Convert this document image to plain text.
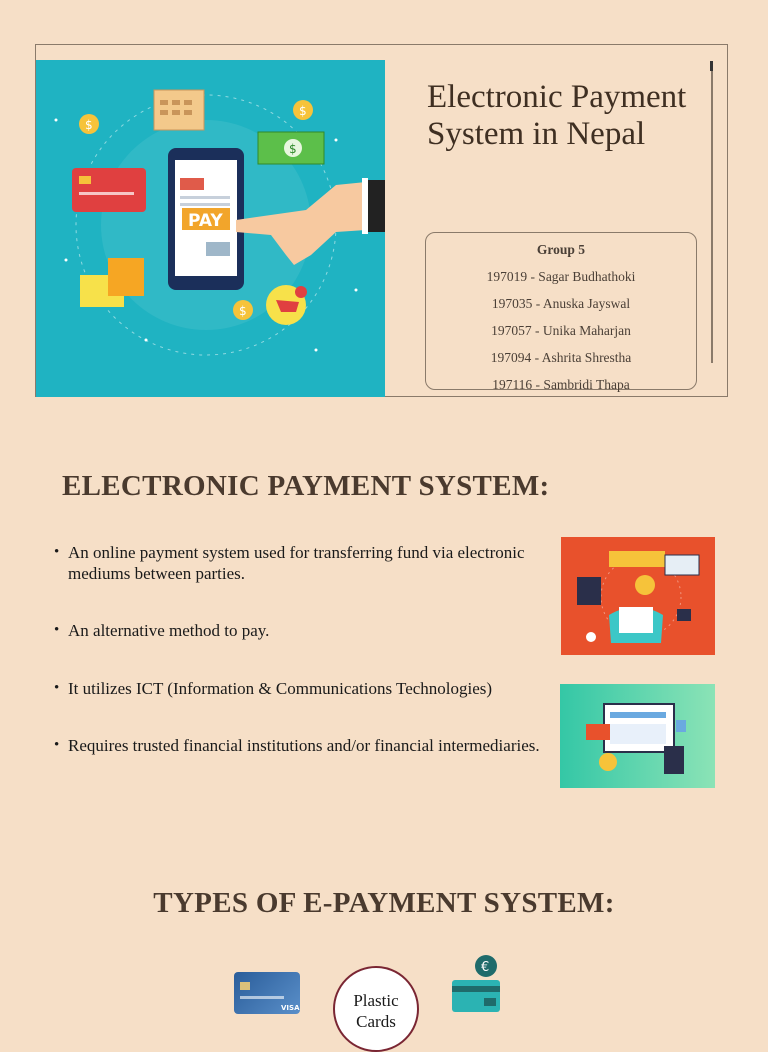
$
$
$
$
PAY
Electronic Payment System in Nepal
Group 5
197019 - Sagar Budhathoki
197035 - Anuska Jayswal
197057 - Unika Maharjan
197094 - Ashrita Shrestha
197116 - Sambridi Thapa
ELECTRONIC PAYMENT SYSTEM:
• An online payment system used for transferring fund via electronic mediums between parties.
• An alternative method to pay.
• It utilizes ICT (Information & Communications Technologies)
• Requires trusted financial institutions and/or financial intermediaries.
TYPES OF E-PAYMENT SYSTEM:
VISA	Plastic Cards
€
